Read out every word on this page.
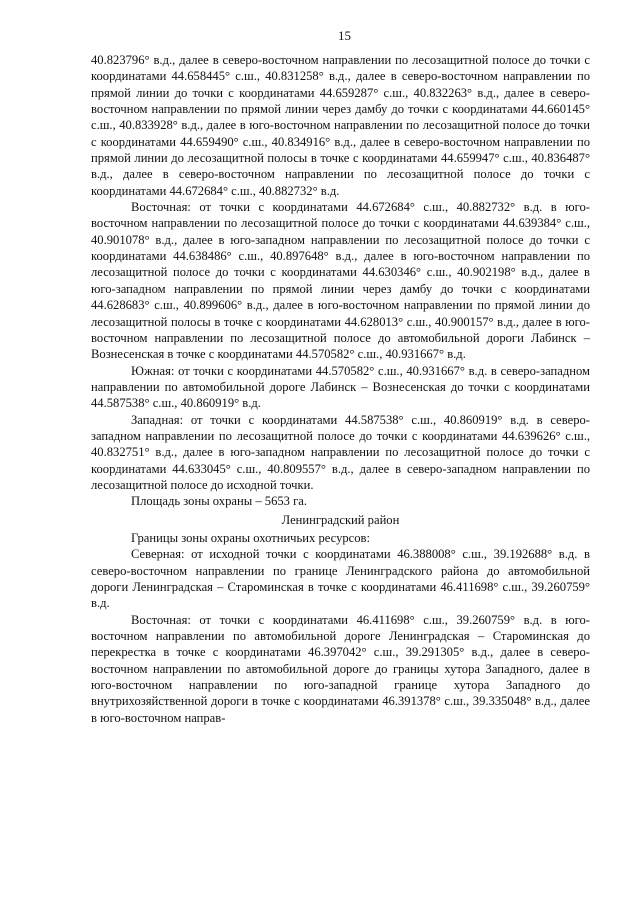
15

40.823796° в.д., далее в северо-восточном направлении по лесозащитной полосе до точки с координатами 44.658445° с.ш., 40.831258° в.д., далее в северо-восточном направлении по прямой линии до точки с координатами 44.659287° с.ш., 40.832263° в.д., далее в северо-восточном направлении по прямой линии через дамбу до точки с координатами 44.660145° с.ш., 40.833928° в.д., далее в юго-восточном направлении по лесозащитной полосе до точки с координатами 44.659490° с.ш., 40.834916° в.д., далее в северо-восточном направлении по прямой линии до лесозащитной полосы в точке с координатами 44.659947° с.ш., 40.836487° в.д., далее в северо-восточном направлении по лесозащитной полосе до точки с координатами 44.672684° с.ш., 40.882732° в.д.

Восточная: от точки с координатами 44.672684° с.ш., 40.882732° в.д. в юго-восточном направлении по лесозащитной полосе до точки с координатами 44.639384° с.ш., 40.901078° в.д., далее в юго-западном направлении по лесозащитной полосе до точки с координатами 44.638486° с.ш., 40.897648° в.д., далее в юго-восточном направлении по лесозащитной полосе до точки с координатами 44.630346° с.ш., 40.902198° в.д., далее в юго-западном направлении по прямой линии через дамбу до точки с координатами 44.628683° с.ш., 40.899606° в.д., далее в юго-восточном направлении по прямой линии до лесозащитной полосы в точке с координатами 44.628013° с.ш., 40.900157° в.д., далее в юго-восточном направлении по лесозащитной полосе до автомобильной дороги Лабинск – Вознесенская в точке с координатами 44.570582° с.ш., 40.931667° в.д.

Южная: от точки с координатами 44.570582° с.ш., 40.931667° в.д. в северо-западном направлении по автомобильной дороге Лабинск – Вознесенская до точки с координатами 44.587538° с.ш., 40.860919° в.д.

Западная: от точки с координатами 44.587538° с.ш., 40.860919° в.д. в северо-западном направлении по лесозащитной полосе до точки с координатами 44.639626° с.ш., 40.832751° в.д., далее в юго-западном направлении по лесозащитной полосе до точки с координатами 44.633045° с.ш., 40.809557° в.д., далее в северо-западном направлении по лесозащитной полосе до исходной точки.

Площадь зоны охраны – 5653 га.

Ленинградский район

Границы зоны охраны охотничьих ресурсов:

Северная: от исходной точки с координатами 46.388008° с.ш., 39.192688° в.д. в северо-восточном направлении по границе Ленинградского района до автомобильной дороги Ленинградская – Староминская в точке с координатами 46.411698° с.ш., 39.260759° в.д.

Восточная: от точки с координатами 46.411698° с.ш., 39.260759° в.д. в юго-восточном направлении по автомобильной дороге Ленинградская – Староминская до перекрестка в точке с координатами 46.397042° с.ш., 39.291305° в.д., далее в северо-восточном направлении по автомобильной дороге до границы хутора Западного, далее в юго-восточном направлении по юго-западной границе хутора Западного до внутрихозяйственной дороги в точке с координатами 46.391378° с.ш., 39.335048° в.д., далее в юго-восточном направ-
